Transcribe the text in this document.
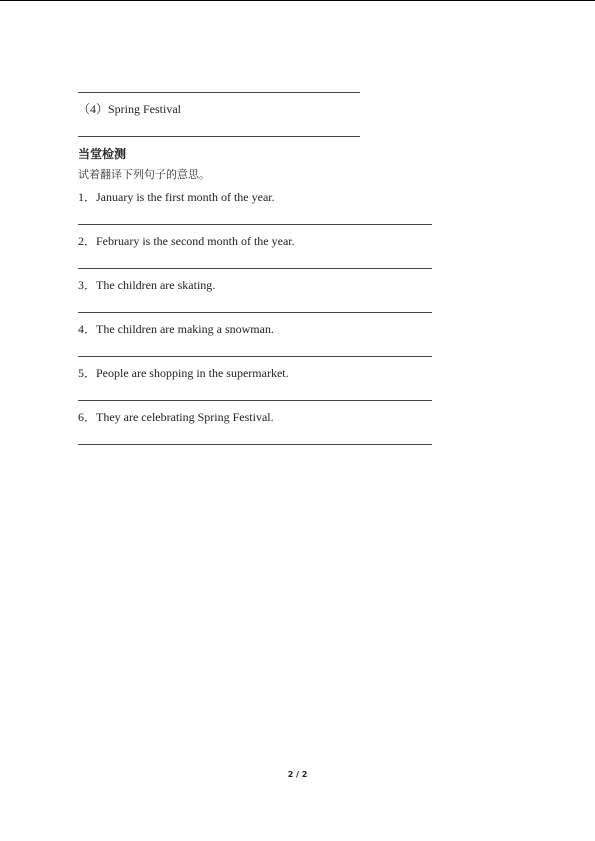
（4）Spring Festival
当堂检测
试着翻译下列句子的意思。
1．January is the first month of the year.
2．February is the second month of the year.
3．The children are skating.
4．The children are making a snowman.
5．People are shopping in the supermarket.
6．They are celebrating Spring Festival.
2 / 2
